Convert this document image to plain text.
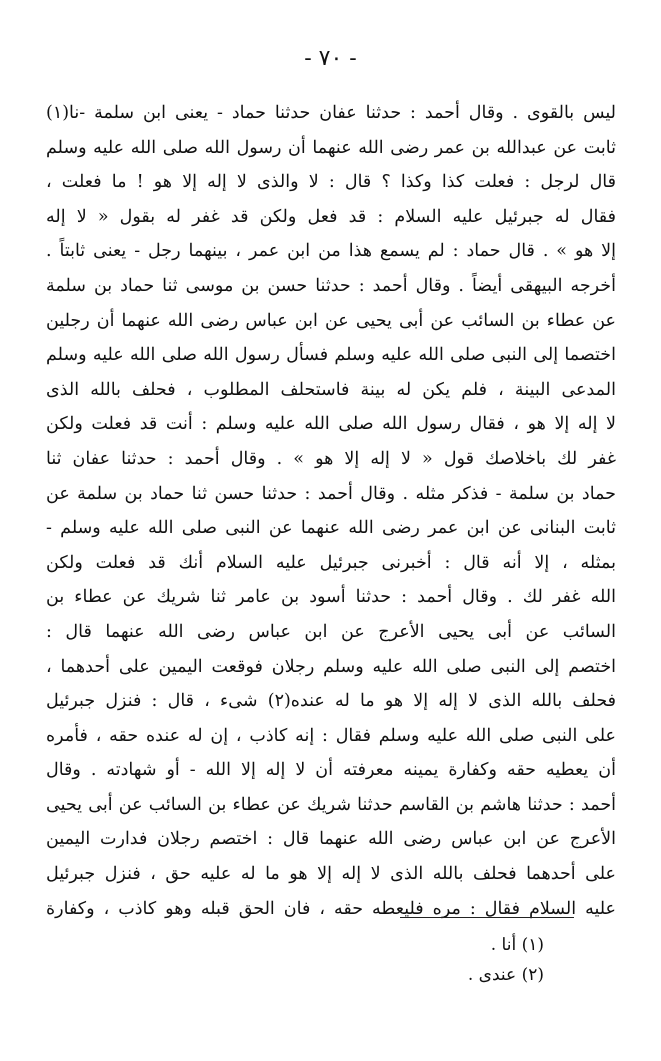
- ٧٠ -
ليس بالقوى . وقال أحمد : حدثنا عفان حدثنا حماد - يعنى ابن سلمة -نا(١)
ثابت عن عبدالله بن عمر رضى الله عنهما أن رسول الله صلى الله عليه وسلم
قال لرجل : فعلت كذا وكذا ؟ قال : لا والذى لا إله إلا هو ! ما فعلت ،
فقال له جبرئيل عليه السلام : قد فعل ولكن قد غفر له بقول « لا إله
إلا هو » . قال حماد : لم يسمع هذا من ابن عمر ، بينهما رجل - يعنى ثابتاً .
أخرجه البيهقى أيضاً . وقال أحمد : حدثنا حسن بن موسى ثنا حماد بن سلمة
عن عطاء بن السائب عن أبى يحيى عن ابن عباس رضى الله عنهما أن رجلين
اختصما إلى النبى صلى الله عليه وسلم فسأل رسول الله صلى الله عليه وسلم
المدعى البينة ، فلم يكن له بينة فاستحلف المطلوب ، فحلف بالله الذى
لا إله إلا هو ، فقال رسول الله صلى الله عليه وسلم : أنت قد فعلت ولكن
غفر لك باخلاصك قول « لا إله إلا هو » . وقال أحمد : حدثنا عفان ثنا
حماد بن سلمة - فذكر مثله . وقال أحمد : حدثنا حسن ثنا حماد بن سلمة عن
ثابت البنانى عن ابن عمر رضى الله عنهما عن النبى صلى الله عليه وسلم -
بمثله ، إلا أنه قال : أخبرنى جبرئيل عليه السلام أنك قد فعلت ولكن
الله غفر لك . وقال أحمد : حدثنا أسود بن عامر ثنا شريك عن عطاء بن
السائب عن أبى يحيى الأعرج عن ابن عباس رضى الله عنهما قال :
اختصم إلى النبى صلى الله عليه وسلم رجلان فوقعت اليمين على أحدهما ،
فحلف بالله الذى لا إله إلا هو ما له عنده(٢) شىء ، قال : فنزل جبرئيل
على النبى صلى الله عليه وسلم فقال : إنه كاذب ، إن له عنده حقه ، فأمره
أن يعطيه حقه وكفارة يمينه معرفته أن لا إله إلا الله - أو شهادته . وقال
أحمد : حدثنا هاشم بن القاسم حدثنا شريك عن عطاء بن السائب عن أبى يحيى
الأعرج عن ابن عباس رضى الله عنهما قال : اختصم رجلان فدارت اليمين
على أحدهما فحلف بالله الذى لا إله إلا هو ما له عليه حق ، فنزل جبرئيل
عليه السلام فقال : مره فليعطه حقه ، فان الحق قبله وهو كاذب ، وكفارة
(١) أنا .
(٢) عندى .
